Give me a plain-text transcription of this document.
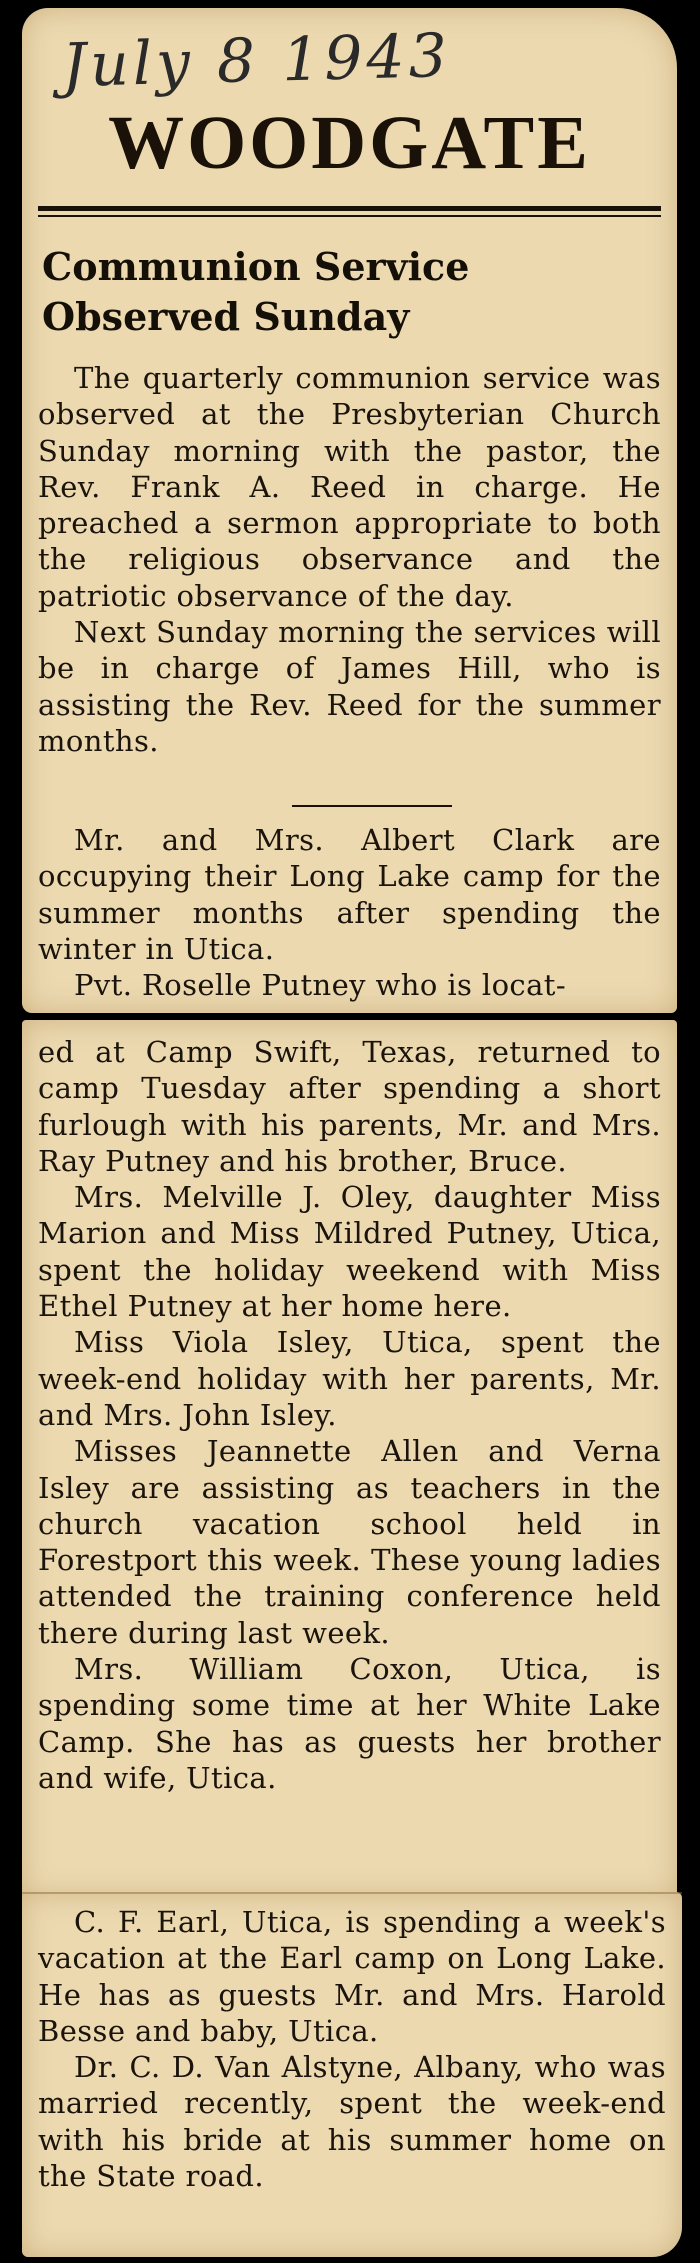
July 8 1943
WOODGATE
Communion Service
Observed Sunday

The quarterly communion service was observed at the Presbyterian Church Sunday morning with the pastor, the Rev. Frank A. Reed in charge. He preached a sermon appropriate to both the religious observance and the patriotic observance of the day.

Next Sunday morning the services will be in charge of James Hill, who is assisting the Rev. Reed for the summer months.

Mr. and Mrs. Albert Clark are occupying their Long Lake camp for the summer months after spending the winter in Utica.

Pvt. Roselle Putney who is locat-

ed at Camp Swift, Texas, returned to camp Tuesday after spending a short furlough with his parents, Mr. and Mrs. Ray Putney and his brother, Bruce.

Mrs. Melville J. Oley, daughter Miss Marion and Miss Mildred Putney, Utica, spent the holiday weekend with Miss Ethel Putney at her home here.

Miss Viola Isley, Utica, spent the week-end holiday with her parents, Mr. and Mrs. John Isley.

Misses Jeannette Allen and Verna Isley are assisting as teachers in the church vacation school held in Forestport this week. These young ladies attended the training conference held there during last week.

Mrs. William Coxon, Utica, is spending some time at her White Lake Camp. She has as guests her brother and wife, Utica.

C. F. Earl, Utica, is spending a week's vacation at the Earl camp on Long Lake. He has as guests Mr. and Mrs. Harold Besse and baby, Utica.

Dr. C. D. Van Alstyne, Albany, who was married recently, spent the week-end with his bride at his summer home on the State road.
